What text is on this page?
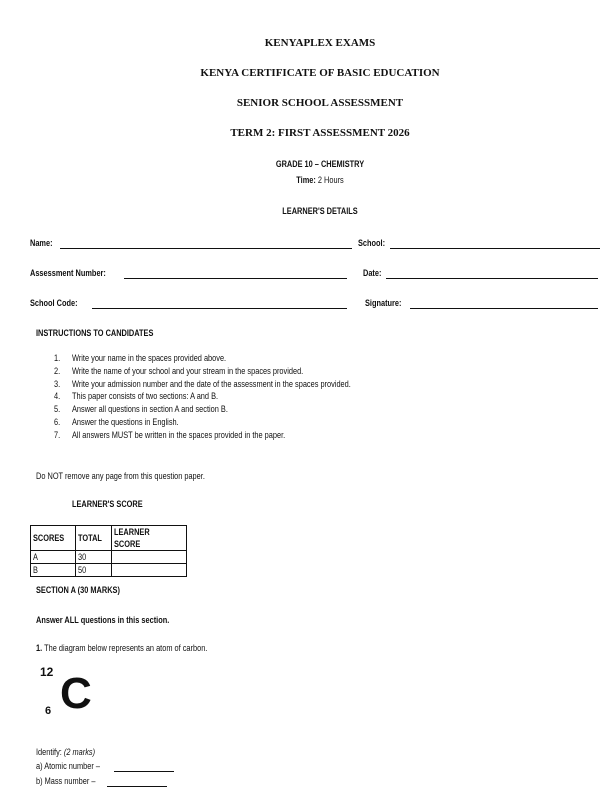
KENYAPLEX EXAMS
KENYA CERTIFICATE OF BASIC EDUCATION
SENIOR SCHOOL ASSESSMENT
TERM 2: FIRST ASSESSMENT 2026
GRADE 10 – CHEMISTRY
Time: 2 Hours
LEARNER'S DETAILS
Name:	School:
Assessment Number:	Date:
School Code:	Signature:
INSTRUCTIONS TO CANDIDATES
1. Write your name in the spaces provided above.
2. Write the name of your school and your stream in the spaces provided.
3. Write your admission number and the date of the assessment in the spaces provided.
4. This paper consists of two sections: A and B.
5. Answer all questions in section A and section B.
6. Answer the questions in English.
7. All answers MUST be written in the spaces provided in the paper.
Do NOT remove any page from this question paper.
LEARNER'S SCORE
SCORES	TOTAL	LEARNER SCORE
A	30	
B	50	
SECTION A (30 MARKS)
Answer ALL questions in this section.
1. The diagram below represents an atom of carbon.
12
6 C
Identify: (2 marks)
a) Atomic number –
b) Mass number –
